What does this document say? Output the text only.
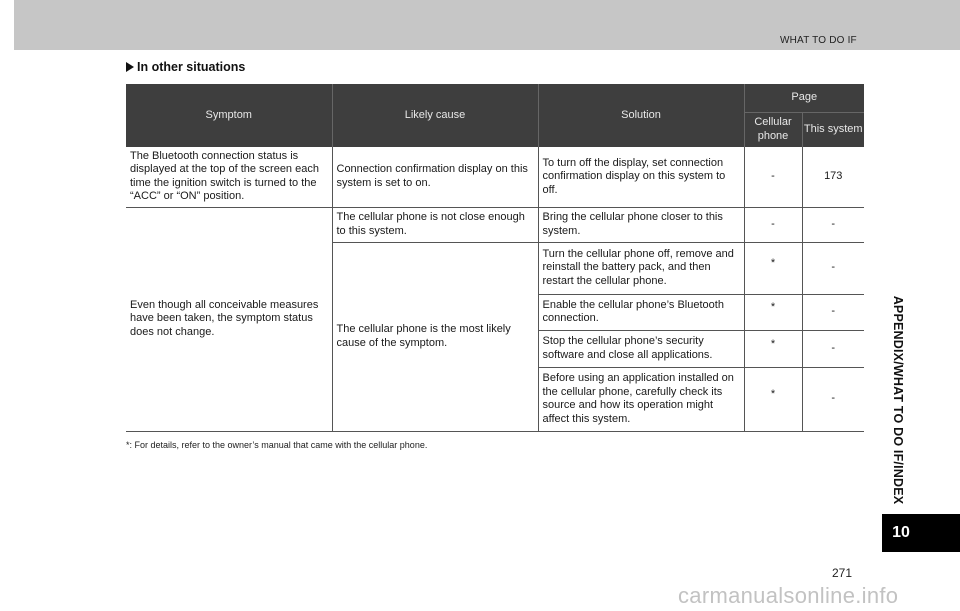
WHAT TO DO IF
In other situations
Symptom	Likely cause	Solution	Page	
			Cellular phone	This system
The Bluetooth connection status is displayed at the top of the screen each time the ignition switch is turned to the “ACC” or “ON” position.	Connection confirmation display on this system is set to on.	To turn off the display, set connection confirmation display on this system to off.	-	173
Even though all conceivable measures have been taken, the symptom status does not change.	The cellular phone is not close enough to this system.	Bring the cellular phone closer to this system.	-	-
	The cellular phone is the most likely cause of the symptom.	Turn the cellular phone off, remove and reinstall the battery pack, and then restart the cellular phone.	*	-
		Enable the cellular phone’s Bluetooth connection.	*	-
		Stop the cellular phone’s security software and close all applications.	*	-
		Before using an application installed on the cellular phone, carefully check its source and how its operation might affect this system.	*	-
*: For details, refer to the owner’s manual that came with the cellular phone.	APPENDIX/WHAT TO DO IF/INDEX
10
271
carmanualsonline.info
